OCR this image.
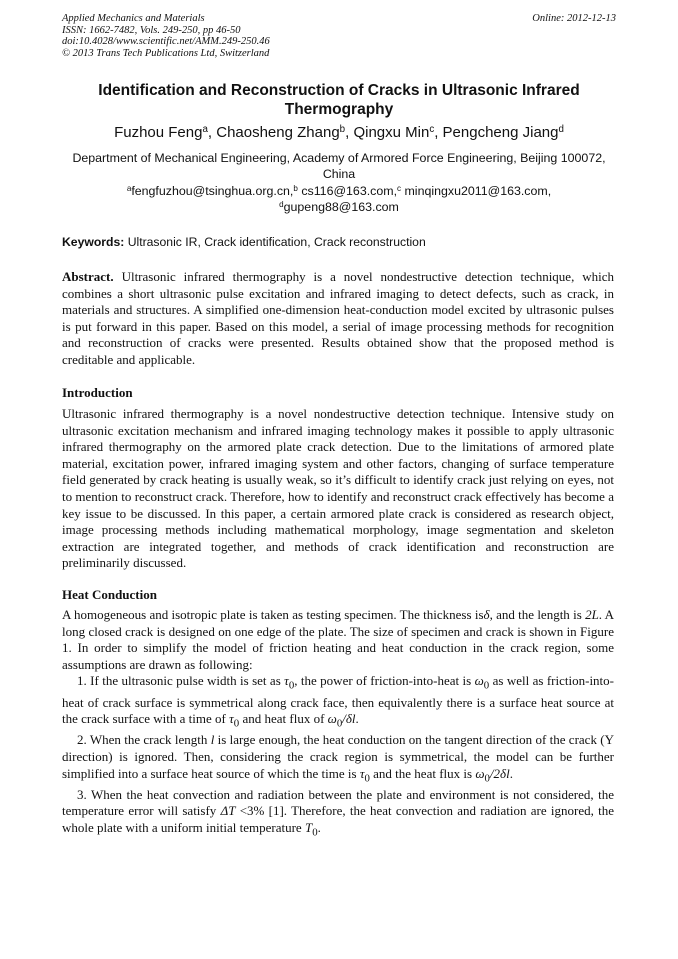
Applied Mechanics and Materials
ISSN: 1662-7482, Vols. 249-250, pp 46-50
doi:10.4028/www.scientific.net/AMM.249-250.46
© 2013 Trans Tech Publications Ltd, Switzerland
Online: 2012-12-13
Identification and Reconstruction of Cracks in Ultrasonic Infrared Thermography
Fuzhou Feng$^a$, Chaosheng Zhang$^b$, Qingxu Min$^c$, Pengcheng Jiang$^d$
Department of Mechanical Engineering, Academy of Armored Force Engineering, Beijing 100072, China
$^a$fengfuzhou@tsinghua.org.cn,$^b$ cs116@163.com,$^c$ minqingxu2011@163.com,
$^d$gupeng88@163.com
Keywords: Ultrasonic IR, Crack identification, Crack reconstruction

Abstract. Ultrasonic infrared thermography is a novel nondestructive detection technique, which combines a short ultrasonic pulse excitation and infrared imaging to detect defects, such as crack, in materials and structures. A simplified one-dimension heat-conduction model excited by ultrasonic pulses is put forward in this paper. Based on this model, a serial of image processing methods for recognition and reconstruction of cracks were presented. Results obtained show that the proposed method is creditable and applicable.

Introduction

Ultrasonic infrared thermography is a novel nondestructive detection technique. Intensive study on ultrasonic excitation mechanism and infrared imaging technology makes it possible to apply ultrasonic infrared thermography on the armored plate crack detection. Due to the limitations of armored plate material, excitation power, infrared imaging system and other factors, changing of surface temperature field generated by crack heating is usually weak, so it’s difficult to identify crack just relying on eyes, not to mention to reconstruct crack. Therefore, how to identify and reconstruct crack effectively has become a key issue to be discussed. In this paper, a certain armored plate crack is considered as research object, image processing methods including mathematical morphology, image segmentation and skeleton extraction are integrated together, and methods of crack identification and reconstruction are preliminarily discussed.

Heat Conduction

A homogeneous and isotropic plate is taken as testing specimen. The thickness isδ, and the length is 2L. A long closed crack is designed on one edge of the plate. The size of specimen and crack is shown in Figure 1. In order to simplify the model of friction heating and heat conduction in the crack region, some assumptions are drawn as following:

1. If the ultrasonic pulse width is set as $\tau_0$, the power of friction-into-heat is $\omega_0$ as well as friction-into-heat of crack surface is symmetrical along crack face, then equivalently there is a surface heat source at the crack surface with a time of $\tau_0$ and heat flux of $\omega_0/\delta l$.

2. When the crack length l is large enough, the heat conduction on the tangent direction of the crack (Y direction) is ignored. Then, considering the crack region is symmetrical, the model can be further simplified into a surface heat source of which the time is $\tau_0$ and the heat flux is $\omega_0/2\delta l$.

3. When the heat convection and radiation between the plate and environment is not considered, the temperature error will satisfy ΔT <3% [1]. Therefore, the heat convection and radiation are ignored, the whole plate with a uniform initial temperature $T_0$.
